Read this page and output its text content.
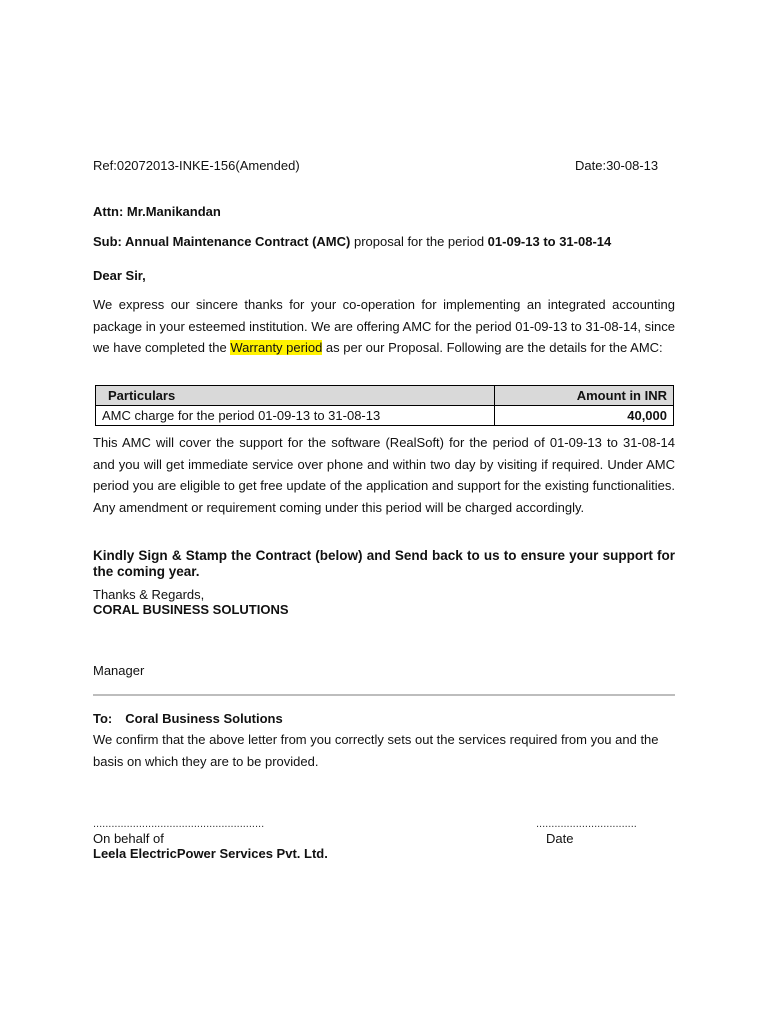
Ref:02072013-INKE-156(Amended)	Date:30-08-13
Attn: Mr.Manikandan
Sub: Annual Maintenance Contract (AMC) proposal for the period 01-09-13 to 31-08-14
Dear Sir,
We express our sincere thanks for your co-operation for implementing an integrated accounting package in your esteemed institution. We are offering AMC for the period 01-09-13 to 31-08-14, since we have completed the Warranty period as per our Proposal. Following are the details for the AMC:
Particulars	Amount in INR
AMC charge for the period 01-09-13 to 31-08-13	40,000
This AMC will cover the support for the software (RealSoft) for the period of 01-09-13 to 31-08-14 and you will get immediate service over phone and within two day by visiting if required. Under AMC period you are eligible to get free update of the application and support for the existing functionalities. Any amendment or requirement coming under this period will be charged accordingly.
Kindly Sign & Stamp the Contract (below) and Send back to us to ensure your support for the coming year.
Thanks & Regards,
CORAL BUSINESS SOLUTIONS
Manager
To: Coral Business Solutions
We confirm that the above letter from you correctly sets out the services required from you and the basis on which they are to be provided.
........................................................	.................................
On behalf of	Date
Leela ElectricPower Services Pvt. Ltd.
